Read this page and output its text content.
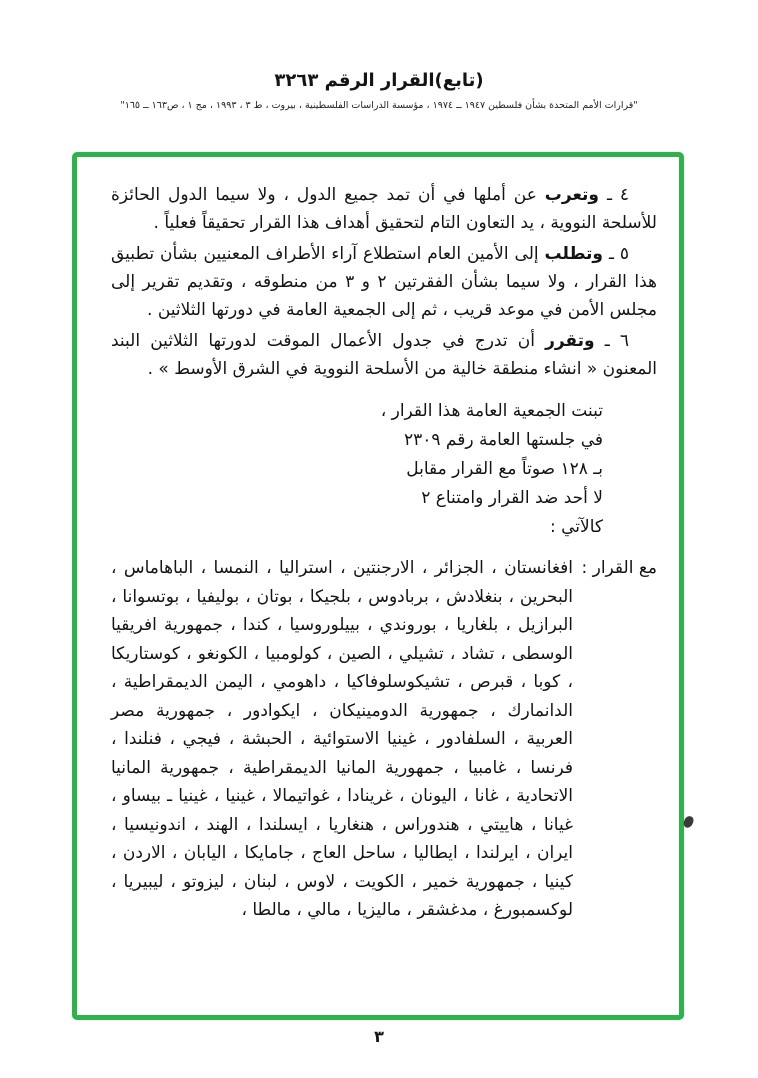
(تابع)القرار الرقم ٣٢٦٣
"قرارات الأمم المتحدة بشأن فلسطين ١٩٤٧ ــ ١٩٧٤ ، مؤسسة الدراسات الفلسطينية ، بيروت ، ط ٣ ، ١٩٩٣ ، مج ١ ، ص١٦٣ ــ ١٦٥"

٤ ـ وتعرب عن أملها في أن تمد جميع الدول ، ولا سيما الدول الحائزة للأسلحة النووية ، يد التعاون التام لتحقيق أهداف هذا القرار تحقيقاً فعلياً .

٥ ـ وتطلب إلى الأمين العام استطلاع آراء الأطراف المعنيين بشأن تطبيق هذا القرار ، ولا سيما بشأن الفقرتين ٢ و ٣ من منطوقه ، وتقديم تقرير إلى مجلس الأمن في موعد قريب ، ثم إلى الجمعية العامة في دورتها الثلاثين .

٦ ـ وتقرر أن تدرج في جدول الأعمال الموقت لدورتها الثلاثين البند المعنون « انشاء منطقة خالية من الأسلحة النووية في الشرق الأوسط » .

تبنت الجمعية العامة هذا القرار ،
في جلستها العامة رقم ٢٣٠٩
بـ ١٢٨ صوتاً مع القرار مقابل
لا أحد ضد القرار وامتناع ٢
كالآتي :
مع القرار :
افغانستان ، الجزائر ، الارجنتين ، استراليا ، النمسا ، الباهاماس ، البحرين ، بنغلادش ، بربادوس ، بلجيكا ، بوتان ، بوليفيا ، بوتسوانا ، البرازيل ، بلغاريا ، بوروندي ، بييلوروسيا ، كندا ، جمهورية افريقيا الوسطى ، تشاد ، تشيلي ، الصين ، كولومبيا ، الكونغو ، كوستاريكا ، كوبا ، قبرص ، تشيكوسلوفاكيا ، داهومي ، اليمن الديمقراطية ، الدانمارك ، جمهورية الدومينيكان ، ايكوادور ، جمهورية مصر العربية ، السلفادور ، غينيا الاستوائية ، الحبشة ، فيجي ، فنلندا ، فرنسا ، غامبيا ، جمهورية المانيا الديمقراطية ، جمهورية المانيا الاتحادية ، غانا ، اليونان ، غرينادا ، غواتيمالا ، غينيا ، غينيا ـ بيساو ، غيانا ، هاييتي ، هندوراس ، هنغاريا ، ايسلندا ، الهند ، اندونيسيا ، ايران ، ايرلندا ، ايطاليا ، ساحل العاج ، جامايكا ، اليابان ، الاردن ، كينيا ، جمهورية خمير ، الكويت ، لاوس ، لبنان ، ليزوتو ، ليبيريا ، لوكسمبورغ ، مدغشقر ، ماليزيا ، مالي ، مالطا ،
٣
